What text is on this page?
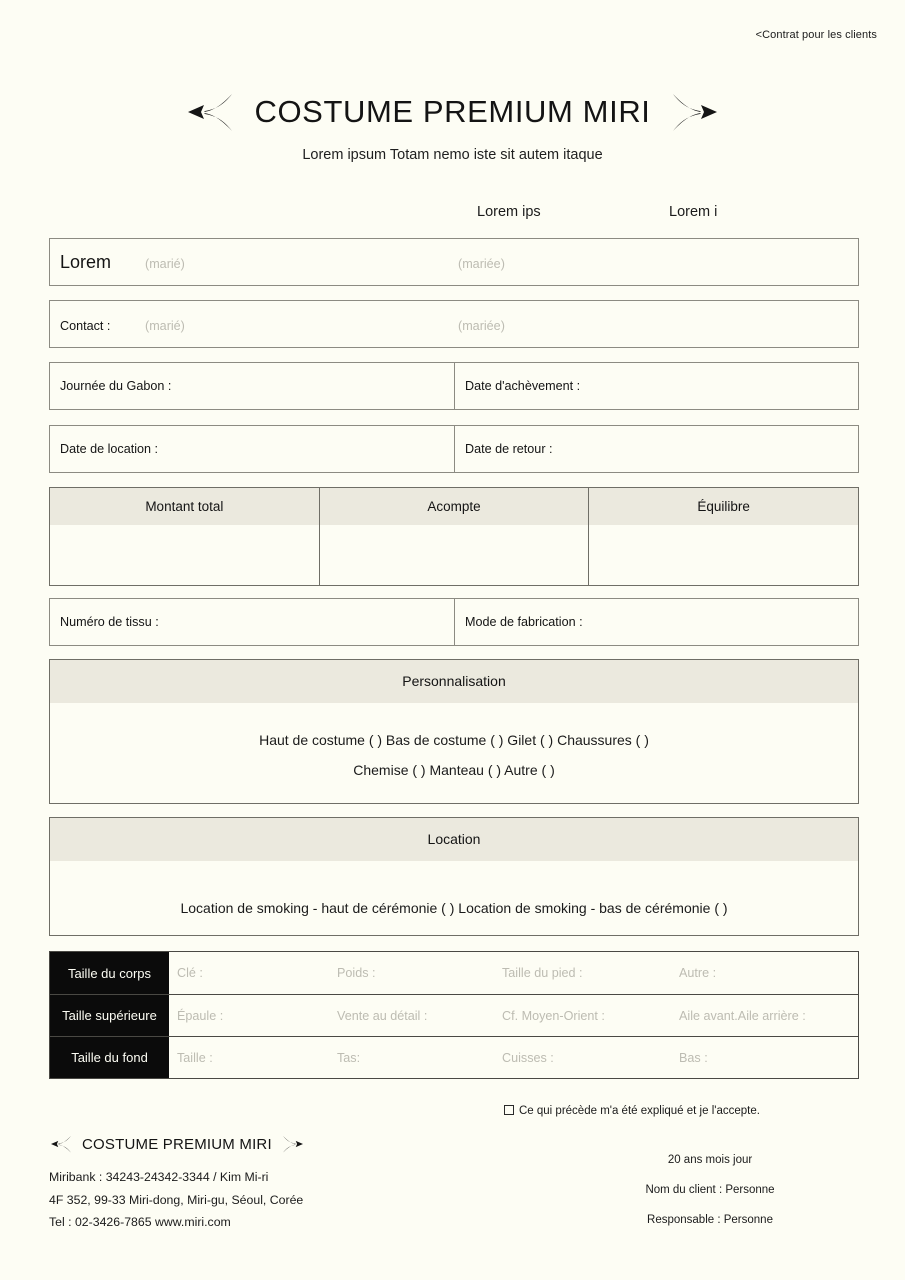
<Contrat pour les clients
COSTUME PREMIUM MIRI
Lorem ipsum Totam nemo iste sit autem itaque
Lorem ips	Lorem i
Lorem	(marié)	(mariée)
Contact :	(marié)	(mariée)
Journée du Gabon :	Date d'achèvement :
Date de location :	Date de retour :
Montant total	Acompte	Équilibre
Numéro de tissu :	Mode de fabrication :
Personnalisation
Haut de costume ( ) Bas de costume ( ) Gilet ( ) Chaussures ( )
Chemise ( ) Manteau ( ) Autre ( )
Location
Location de smoking - haut de cérémonie ( ) Location de smoking - bas de cérémonie ( )
Taille du corps	Clé :	Poids :	Taille du pied :	Autre :
Taille supérieure	Épaule :	Vente au détail :	Cf. Moyen-Orient :	Aile avant.Aile arrière :
Taille du fond	Taille :	Tas:	Cuisses :	Bas :
Ce qui précède m'a été expliqué et je l'accepte.
20 ans mois jour
Nom du client : Personne
Responsable : Personne
COSTUME PREMIUM MIRI
Miribank : 34243-24342-3344 / Kim Mi-ri
4F 352, 99-33 Miri-dong, Miri-gu, Séoul, Corée
Tel : 02-3426-7865 www.miri.com
